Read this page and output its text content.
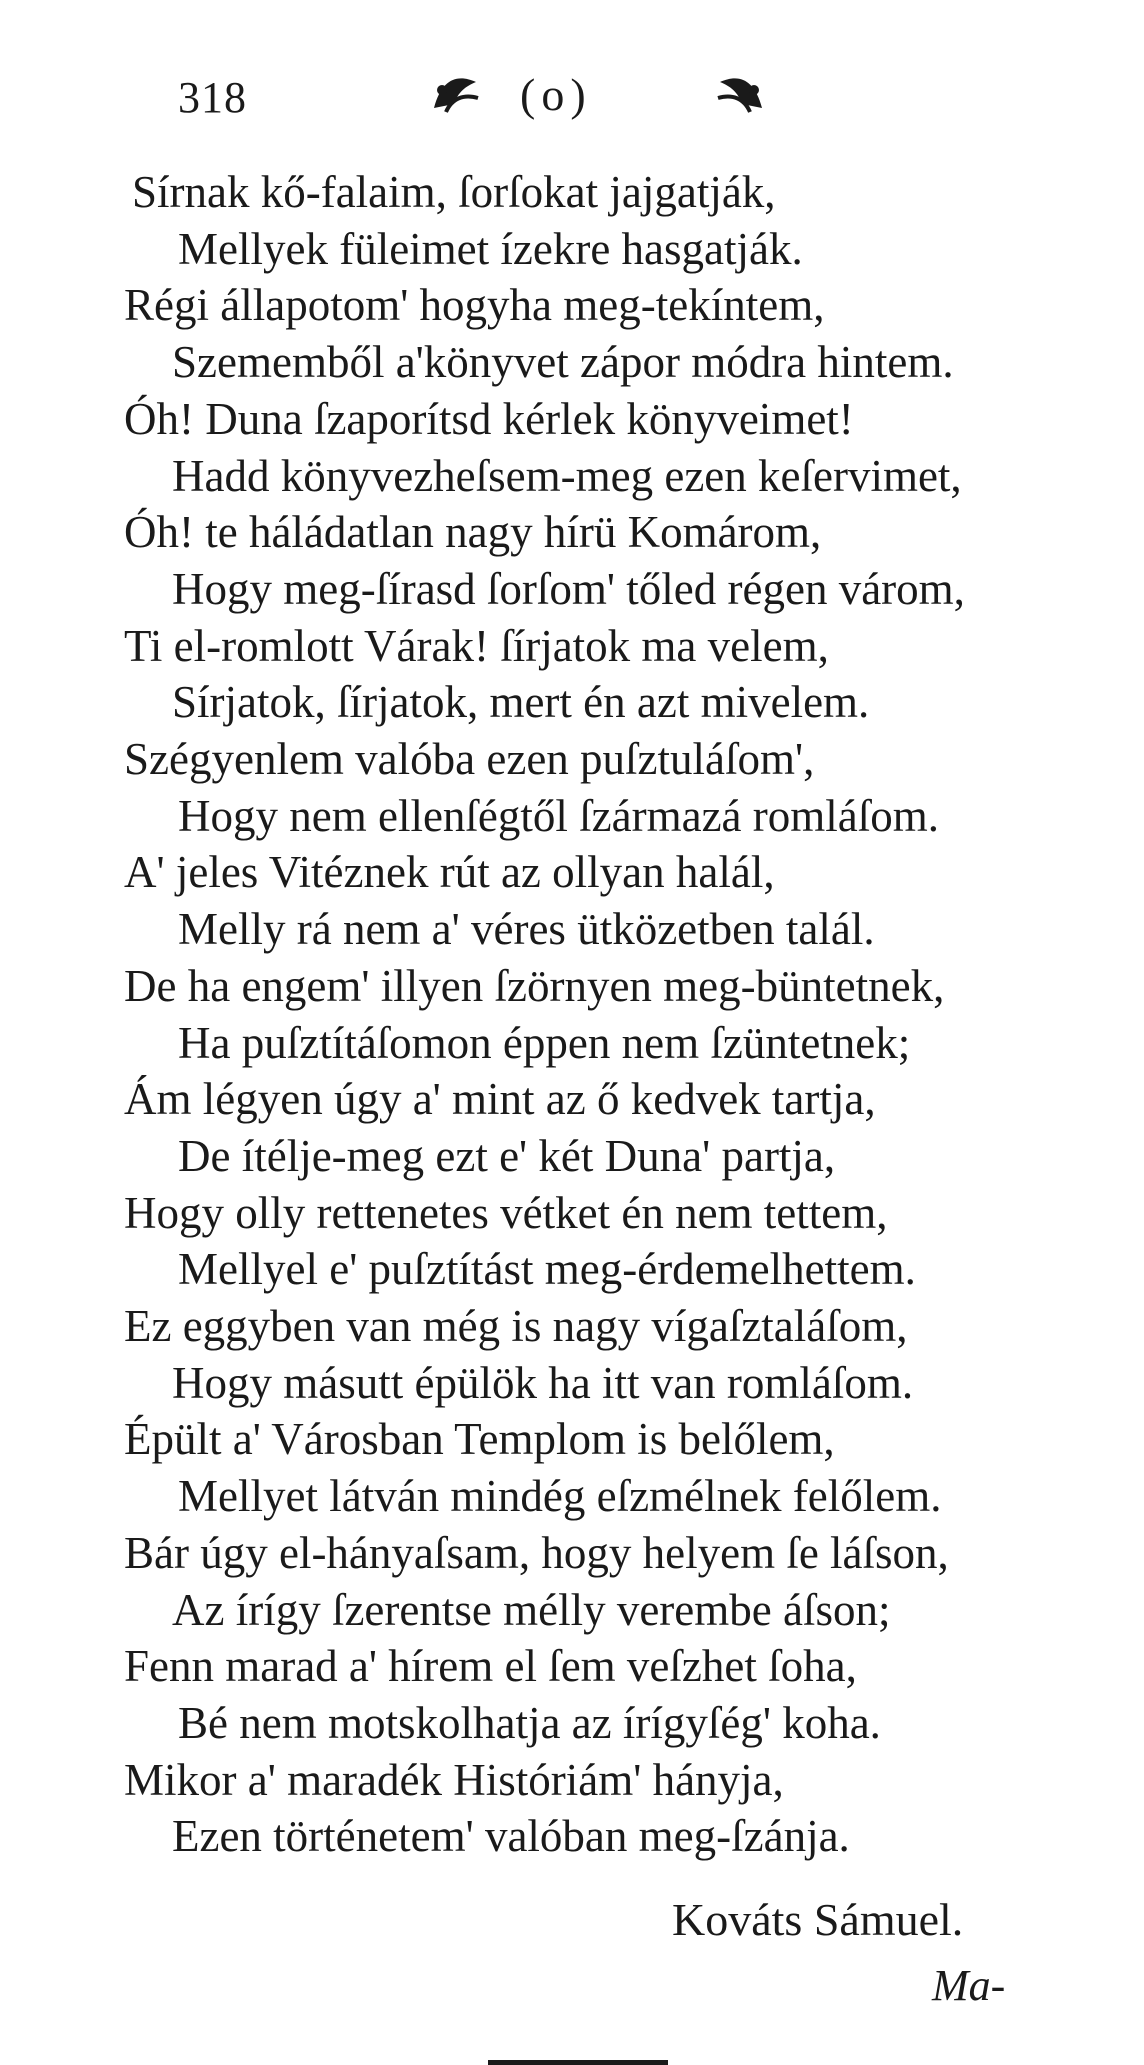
318	(o)
Sírnak kő-falaim, ſorſokat jajgatják,
Mellyek füleimet ízekre hasgatják.
Régi állapotom' hogyha meg-tekíntem,
Szememből a'könyvet zápor módra hintem.
Óh! Duna ſzaporítsd kérlek könyveimet!
Hadd könyvezheſsem-meg ezen keſervimet,
Óh! te háládatlan nagy hírü Komárom,
Hogy meg-ſírasd ſorſom' tőled régen várom,
Ti el-romlott Várak! ſírjatok ma velem,
Sírjatok, ſírjatok, mert én azt mivelem.
Szégyenlem valóba ezen puſztuláſom',
Hogy nem ellenſégtől ſzármazá romláſom.
A' jeles Vitéznek rút az ollyan halál,
Melly rá nem a' véres ütközetben talál.
De ha engem' illyen ſzörnyen meg-büntetnek,
Ha puſztítáſomon éppen nem ſzüntetnek;
Ám légyen úgy a' mint az ő kedvek tartja,
De ítélje-meg ezt e' két Duna' partja,
Hogy olly rettenetes vétket én nem tettem,
Mellyel e' puſztítást meg-érdemelhettem.
Ez eggyben van még is nagy vígaſztaláſom,
Hogy másutt épülök ha itt van romláſom.
Épült a' Városban Templom is belőlem,
Mellyet látván mindég eſzmélnek felőlem.
Bár úgy el-hányaſsam, hogy helyem ſe láſson,
Az írígy ſzerentse mélly verembe áſson;
Fenn marad a' hírem el ſem veſzhet ſoha,
Bé nem motskolhatja az írígyſég' koha.
Mikor a' maradék Históriám' hányja,
Ezen történetem' valóban meg-ſzánja.
Kováts Sámuel.
Ma-
